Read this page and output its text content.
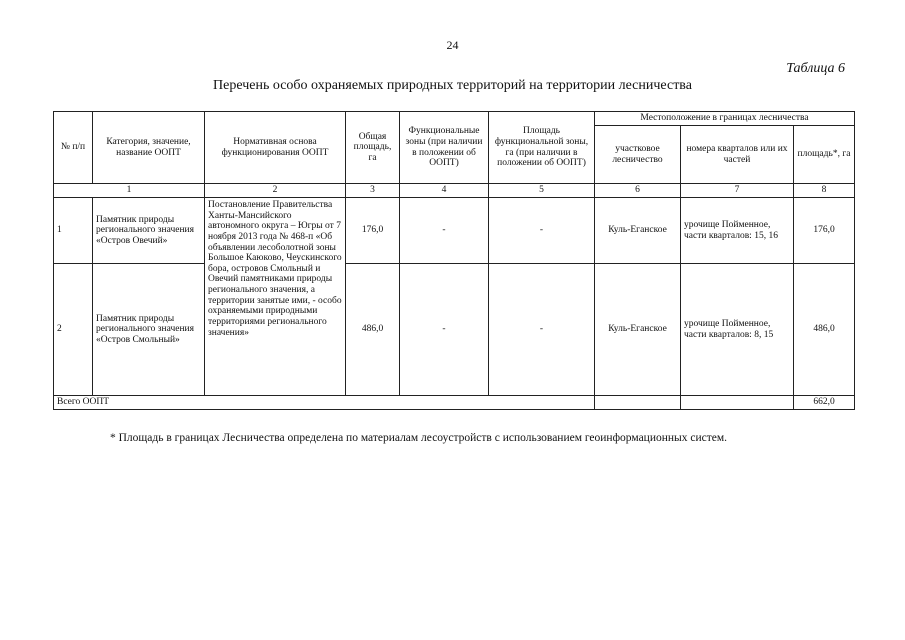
24
Таблица 6
Перечень особо охраняемых природных территорий на территории лесничества
№ п/п	Категория, значение, название ООПТ	Нормативная основа функционирования ООПТ	Общая площадь, га	Функциональные зоны (при наличии в положении об ООПТ)	Площадь функциональной зоны, га (при наличии в положении об ООПТ)	Местоположение в границах лесничества		
						участковое лесничество	номера кварталов или их частей	площадь*, га
1		2	3	4	5	6	7	8
1	Памятник природы регионального значения «Остров Овечий»	Постановление Правительства Ханты-Мансийского автономного округа – Югры от 7 ноября 2013 года № 468-п «Об объявлении лесоболотной зоны Большое Каюково, Чеускинского бора, островов Смольный и Овечий памятниками природы регионального значения, а территории занятые ими, - особо охраняемыми природными территориями регионального значения»	176,0	-	-	Куль-Еганское	урочище Пойменное, части кварталов: 15, 16	176,0
2	Памятник природы регионального значения «Остров Смольный»		486,0	-	-	Куль-Еганское	урочище Пойменное, части кварталов: 8, 15	486,0
Всего ООПТ								662,0
* Площадь в границах Лесничества определена по материалам лесоустройств с использованием геоинформационных систем.
